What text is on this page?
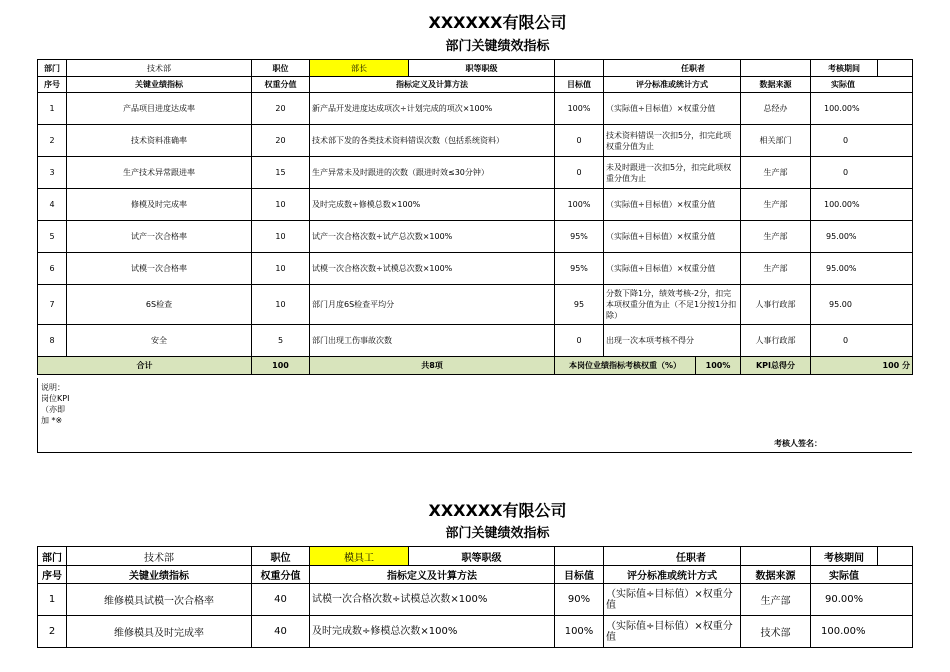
XXXXXX有限公司
部门关键绩效指标
部门	技术部	职位	部长 职等职级		任职者		考核期间	
序号	关键业绩指标	权重分值	指标定义及计算方法	目标值	评分标准或统计方式	数据来源	实际值	
1	产品项目进度达成率	20	新产品开发进度达成项次÷计划完成的项次×100%	100%	（实际值÷目标值）×权重分值	总经办	100.00%	
2	技术资料准确率	20	技术部下发的各类技术资料错误次数（包括系统资料）	0	技术资料错误一次扣5分，扣完此项权重分值为止	相关部门	0	
3	生产技术异常跟进率	15	生产异常未及时跟进的次数（跟进时效≤30分钟）	0	未及时跟进一次扣5分，扣完此项权重分值为止	生产部	0	
4	修模及时完成率	10	及时完成数÷修模总数×100%	100%	（实际值÷目标值）×权重分值	生产部	100.00%	
5	试产一次合格率	10	试产一次合格次数÷试产总次数×100%	95%	（实际值÷目标值）×权重分值	生产部	95.00%	
6	试模一次合格率	10	试模一次合格次数÷试模总次数×100%	95%	（实际值÷目标值）×权重分值	生产部	95.00%	
7	6S检查	10	部门月度6S检查平均分	95	分数下降1分，绩效考核-2分，扣完本项权重分值为止（不足1分按1分扣除）	人事行政部	95.00	
8	安全	5	部门出现工伤事故次数	0	出现一次本项考核不得分	人事行政部	0	
合计		100	共8项	本岗位业绩指标考核权重（%） 100%		KPI总得分	100 分	
说明：岗位KPI（亦即加 *※
考核人签名：
XXXXXX有限公司
部门关键绩效指标
部门	技术部	职位	模具工 职等职级		任职者		考核期间	
序号	关键业绩指标	权重分值	指标定义及计算方法	目标值	评分标准或统计方式	数据来源	实际值	
1	维修模具试模一次合格率	40	试模一次合格次数÷试模总次数×100%	90%	（实际值÷目标值）×权重分值	生产部	90.00%	
2	维修模具及时完成率	40	及时完成数÷修模总次数×100%	100%	（实际值÷目标值）×权重分值	技术部	100.00%	
